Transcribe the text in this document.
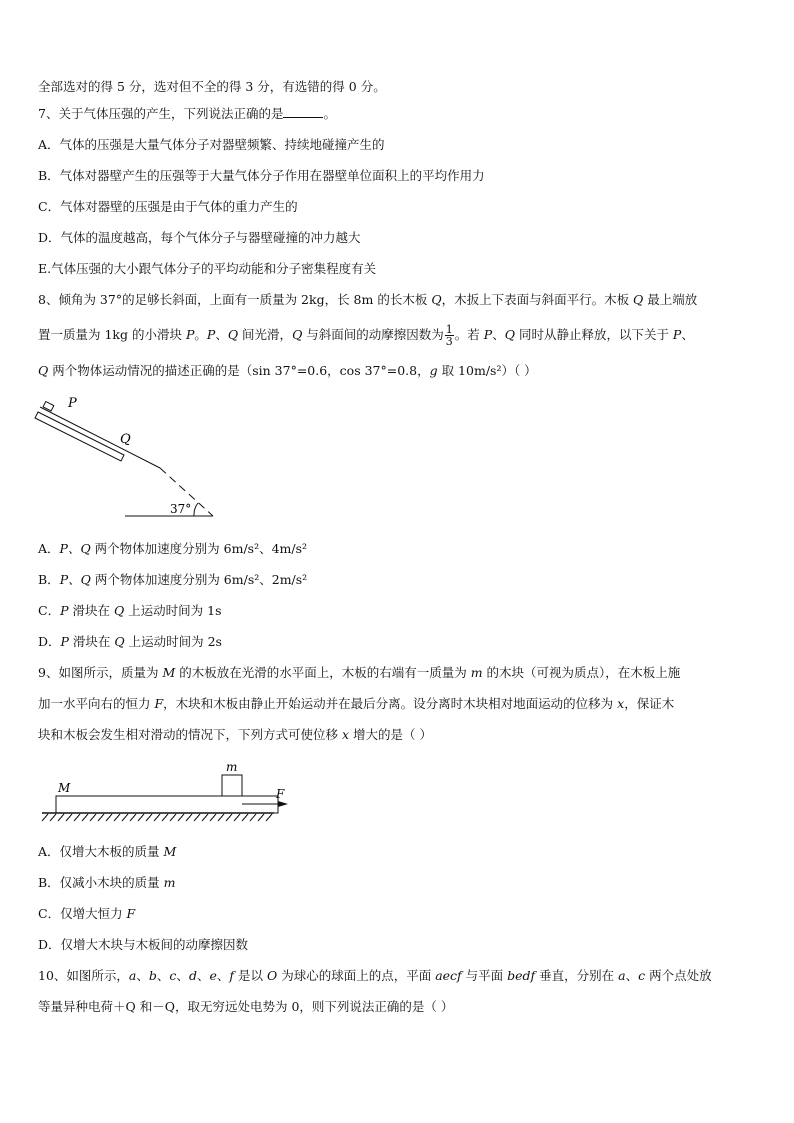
全部选对的得 5 分，选对但不全的得 3 分，有选错的得 0 分。
7、关于气体压强的产生，下列说法正确的是	。
A．气体的压强是大量气体分子对器壁频繁、持续地碰撞产生的
B．气体对器壁产生的压强等于大量气体分子作用在器壁单位面积上的平均作用力
C．气体对器壁的压强是由于气体的重力产生的
D．气体的温度越高，每个气体分子与器壁碰撞的冲力越大
E.气体压强的大小跟气体分子的平均动能和分子密集程度有关
8、倾角为 37°的足够长斜面，上面有一质量为 2kg，长 8m 的长木板 Q，木扳上下表面与斜面平行。木板 Q 最上端放
置一质量为 1kg 的小滑块 P。P、Q 间光滑，Q 与斜面间的动摩擦因数为 $\frac{1}{3}$ 。若 P、Q 同时从静止释放，以下关于 P、
Q 两个物体运动情况的描述正确的是（sin 37°=0.6，cos 37°=0.8，g 取 10m/s²）（ ）
P
Q
37°
A．P、Q 两个物体加速度分别为 6m/s²、4m/s²
B．P、Q 两个物体加速度分别为 6m/s²、2m/s²
C．P 滑块在 Q 上运动时间为 1s
D．P 滑块在 Q 上运动时间为 2s
9、如图所示，质量为 M 的木板放在光滑的水平面上，木板的右端有一质量为 m 的木块（可视为质点），在木板上施
加一水平向右的恒力 F，木块和木板由静止开始运动并在最后分离。设分离时木块相对地面运动的位移为 x，保证木
块和木板会发生相对滑动的情况下，下列方式可使位移 x 增大的是（ ）
M
m
F
A．仅增大木板的质量 M
B．仅减小木块的质量 m
C．仅增大恒力 F
D．仅增大木块与木板间的动摩擦因数
10、如图所示，a、b、c、d、e、f 是以 O 为球心的球面上的点，平面 aecf 与平面 bedf 垂直，分别在 a、c 两个点处放
等量异种电荷＋Q 和－Q，取无穷远处电势为 0，则下列说法正确的是（ ）
